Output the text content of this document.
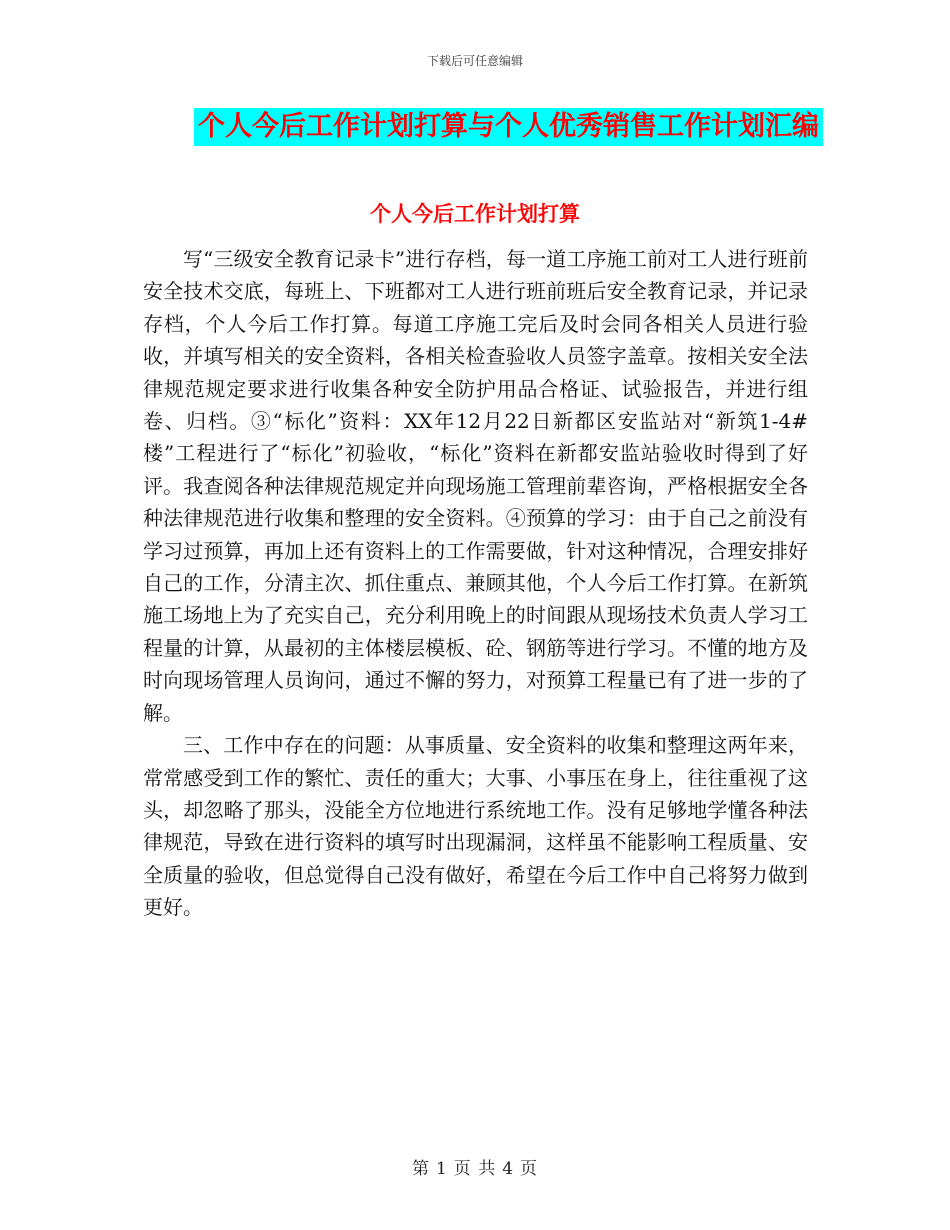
下载后可任意编辑
个人今后工作计划打算与个人优秀销售工作计划汇编
个人今后工作计划打算

写“三级安全教育记录卡”进行存档，每一道工序施工前对工人进行班前安全技术交底，每班上、下班都对工人进行班前班后安全教育记录，并记录存档，个人今后工作打算。每道工序施工完后及时会同各相关人员进行验收，并填写相关的安全资料，各相关检查验收人员签字盖章。按相关安全法律规范规定要求进行收集各种安全防护用品合格证、试验报告，并进行组卷、归档。③“标化”资料：XX年12月22日新都区安监站对“新筑1-4#楼”工程进行了“标化”初验收，“标化”资料在新都安监站验收时得到了好评。我查阅各种法律规范规定并向现场施工管理前辈咨询，严格根据安全各种法律规范进行收集和整理的安全资料。④预算的学习：由于自己之前没有学习过预算，再加上还有资料上的工作需要做，针对这种情况，合理安排好自己的工作，分清主次、抓住重点、兼顾其他，个人今后工作打算。在新筑施工场地上为了充实自己，充分利用晚上的时间跟从现场技术负责人学习工程量的计算，从最初的主体楼层模板、砼、钢筋等进行学习。不懂的地方及时向现场管理人员询问，通过不懈的努力，对预算工程量已有了进一步的了解。

三、工作中存在的问题：从事质量、安全资料的收集和整理这两年来，常常感受到工作的繁忙、责任的重大；大事、小事压在身上，往往重视了这头，却忽略了那头，没能全方位地进行系统地工作。没有足够地学懂各种法律规范，导致在进行资料的填写时出现漏洞，这样虽不能影响工程质量、安全质量的验收，但总觉得自己没有做好，希望在今后工作中自己将努力做到更好。

第 1 页 共 4 页
